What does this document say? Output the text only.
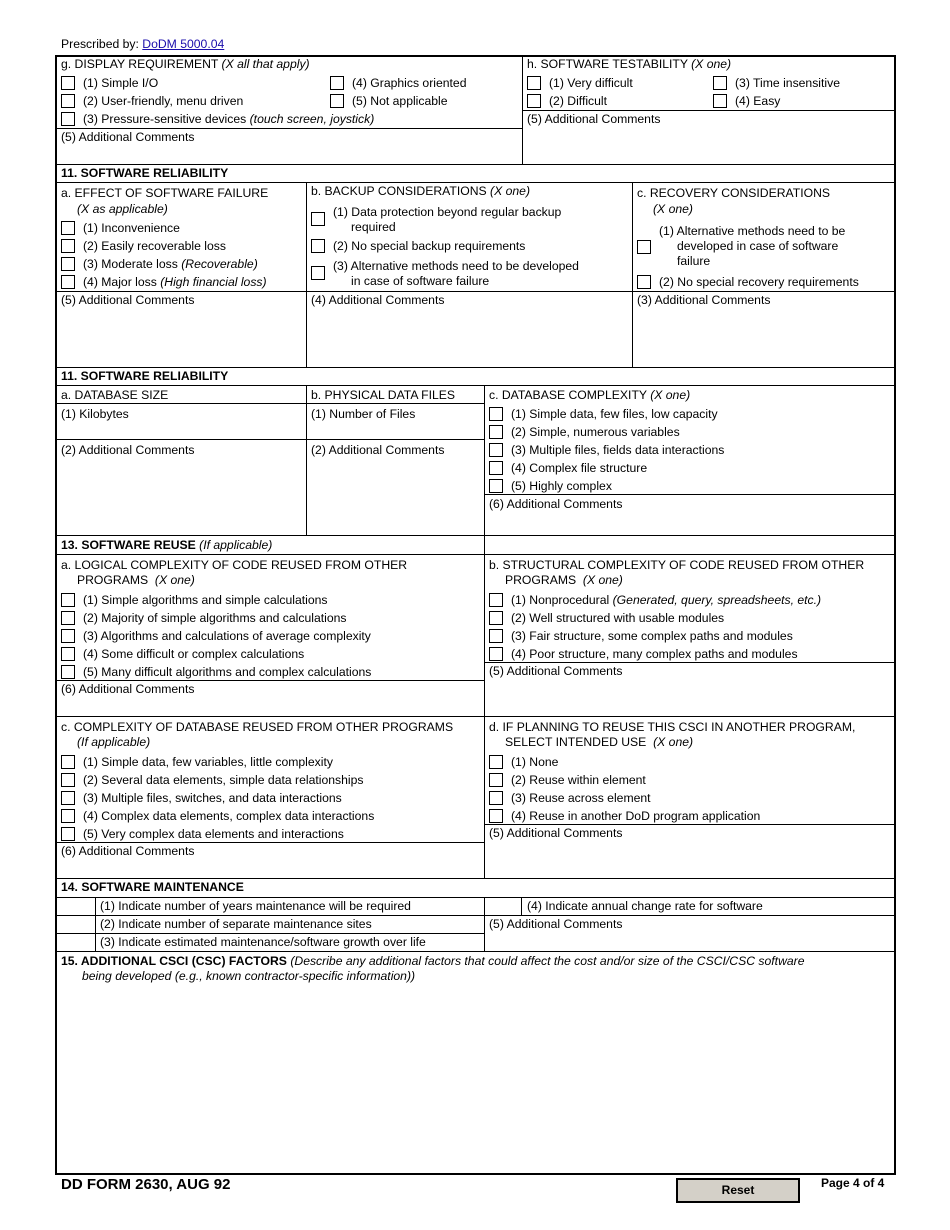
Prescribed by: DoDM 5000.04
g. DISPLAY REQUIREMENT (X all that apply)
(1) Simple I/O
(2) User-friendly, menu driven
(4) Graphics oriented
(5) Not applicable
(3) Pressure-sensitive devices (touch screen, joystick)
(5) Additional Comments
h. SOFTWARE TESTABILITY (X one)
(1) Very difficult
(2) Difficult
(3) Time insensitive
(4) Easy
(5) Additional Comments
11. SOFTWARE RELIABILITY
a. EFFECT OF SOFTWARE FAILURE
(X as applicable)
(1) Inconvenience
(2) Easily recoverable loss
(3) Moderate loss (Recoverable)
(4) Major loss (High financial loss)
b. BACKUP CONSIDERATIONS (X one)
(1) Data protection beyond regular backup
required
(2) No special backup requirements
(3) Alternative methods need to be developed
in case of software failure
c. RECOVERY CONSIDERATIONS
(X one)
(1) Alternative methods need to be
developed in case of software
failure
(2) No special recovery requirements
(5) Additional Comments	(4) Additional Comments	(3) Additional Comments
11. SOFTWARE RELIABILITY
a. DATABASE SIZE	b. PHYSICAL DATA FILES	c. DATABASE COMPLEXITY (X one)
(1) Kilobytes	(1) Number of Files
(2) Additional Comments	(2) Additional Comments
(1) Simple data, few files, low capacity
(2) Simple, numerous variables
(3) Multiple files, fields data interactions
(4) Complex file structure
(5) Highly complex
(6) Additional Comments
13. SOFTWARE REUSE (If applicable)
a. LOGICAL COMPLEXITY OF CODE REUSED FROM OTHER
PROGRAMS (X one)
(1) Simple algorithms and simple calculations
(2) Majority of simple algorithms and calculations
(3) Algorithms and calculations of average complexity
(4) Some difficult or complex calculations
(5) Many difficult algorithms and complex calculations
(6) Additional Comments
b. STRUCTURAL COMPLEXITY OF CODE REUSED FROM OTHER
PROGRAMS (X one)
(1) Nonprocedural (Generated, query, spreadsheets, etc.)
(2) Well structured with usable modules
(3) Fair structure, some complex paths and modules
(4) Poor structure, many complex paths and modules
(5) Additional Comments
c. COMPLEXITY OF DATABASE REUSED FROM OTHER PROGRAMS
(If applicable)
(1) Simple data, few variables, little complexity
(2) Several data elements, simple data relationships
(3) Multiple files, switches, and data interactions
(4) Complex data elements, complex data interactions
(5) Very complex data elements and interactions
(6) Additional Comments
d. IF PLANNING TO REUSE THIS CSCI IN ANOTHER PROGRAM,
SELECT INTENDED USE (X one)
(1) None
(2) Reuse within element
(3) Reuse across element
(4) Reuse in another DoD program application
(5) Additional Comments
14. SOFTWARE MAINTENANCE
(1) Indicate number of years maintenance will be required	(4) Indicate annual change rate for software
(2) Indicate number of separate maintenance sites	(5) Additional Comments
(3) Indicate estimated maintenance/software growth over life
15. ADDITIONAL CSCI (CSC) FACTORS (Describe any additional factors that could affect the cost and/or size of the CSCI/CSC software
being developed (e.g., known contractor-specific information))
DD FORM 2630, AUG 92	Reset	Page 4 of 4
